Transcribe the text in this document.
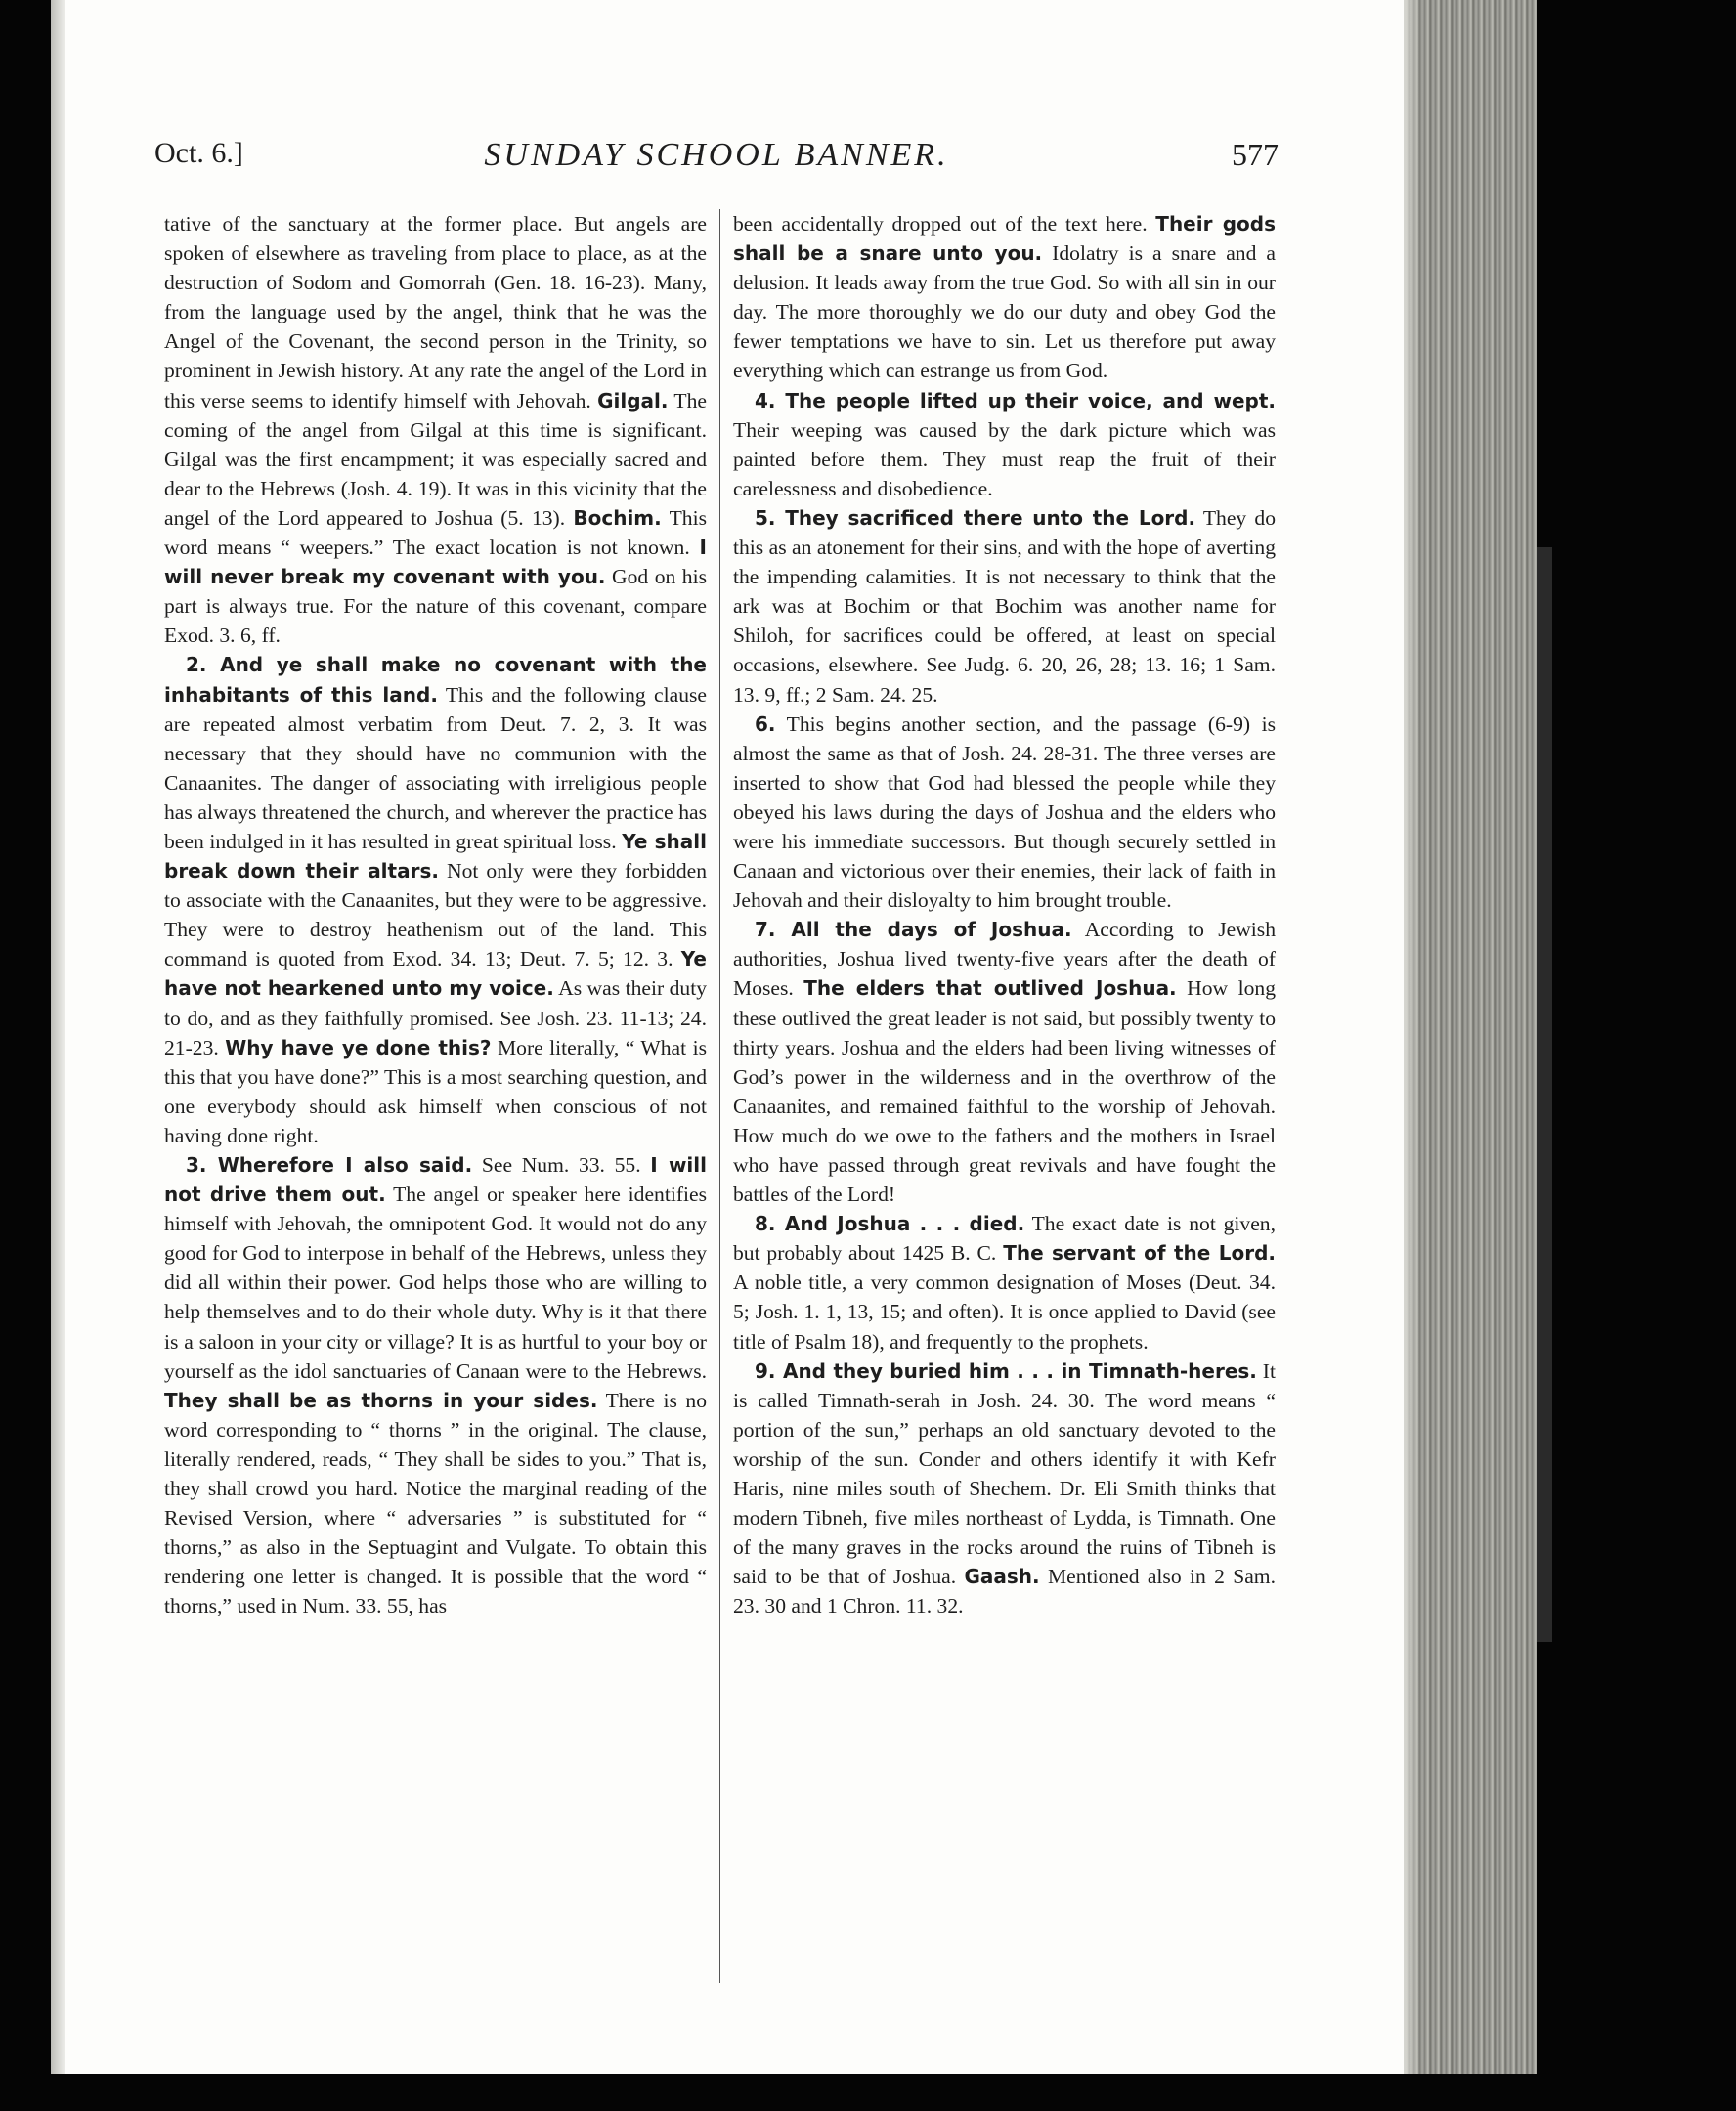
SUNDAY SCHOOL BANNER.
Oct. 6.]	577

tative of the sanctuary at the former place. But angels are spoken of elsewhere as traveling from place to place, as at the destruction of Sodom and Gomorrah (Gen. 18. 16-23). Many, from the language used by the angel, think that he was the Angel of the Covenant, the second person in the Trinity, so prominent in Jewish history. At any rate the angel of the Lord in this verse seems to identify himself with Jehovah. Gilgal. The coming of the angel from Gilgal at this time is significant. Gilgal was the first encampment; it was especially sacred and dear to the Hebrews (Josh. 4. 19). It was in this vicinity that the angel of the Lord appeared to Joshua (5. 13). Bochim. This word means “ weepers.” The exact location is not known. I will never break my covenant with you. God on his part is always true. For the nature of this covenant, compare Exod. 3. 6, ff.

2. And ye shall make no covenant with the inhabitants of this land. This and the following clause are repeated almost verbatim from Deut. 7. 2, 3. It was necessary that they should have no communion with the Canaanites. The danger of associating with irreligious people has always threatened the church, and wherever the practice has been indulged in it has resulted in great spiritual loss. Ye shall break down their altars. Not only were they forbidden to associate with the Canaanites, but they were to be aggressive. They were to destroy heathenism out of the land. This command is quoted from Exod. 34. 13; Deut. 7. 5; 12. 3. Ye have not hearkened unto my voice. As was their duty to do, and as they faithfully promised. See Josh. 23. 11-13; 24. 21-23. Why have ye done this? More literally, “ What is this that you have done?” This is a most searching question, and one everybody should ask himself when conscious of not having done right.

3. Wherefore I also said. See Num. 33. 55. I will not drive them out. The angel or speaker here identifies himself with Jehovah, the omnipotent God. It would not do any good for God to interpose in behalf of the Hebrews, unless they did all within their power. God helps those who are willing to help themselves and to do their whole duty. Why is it that there is a saloon in your city or village? It is as hurtful to your boy or yourself as the idol sanctuaries of Canaan were to the Hebrews. They shall be as thorns in your sides. There is no word corresponding to “ thorns ” in the original. The clause, literally rendered, reads, “ They shall be sides to you.” That is, they shall crowd you hard. Notice the marginal reading of the Revised Version, where “ adversaries ” is substituted for “ thorns,” as also in the Septuagint and Vulgate. To obtain this rendering one letter is changed. It is possible that the word “ thorns,” used in Num. 33. 55, has

been accidentally dropped out of the text here. Their gods shall be a snare unto you. Idolatry is a snare and a delusion. It leads away from the true God. So with all sin in our day. The more thoroughly we do our duty and obey God the fewer temptations we have to sin. Let us therefore put away everything which can estrange us from God.

4. The people lifted up their voice, and wept. Their weeping was caused by the dark picture which was painted before them. They must reap the fruit of their carelessness and disobedience.

5. They sacrificed there unto the Lord. They do this as an atonement for their sins, and with the hope of averting the impending calamities. It is not necessary to think that the ark was at Bochim or that Bochim was another name for Shiloh, for sacrifices could be offered, at least on special occasions, elsewhere. See Judg. 6. 20, 26, 28; 13. 16; 1 Sam. 13. 9, ff.; 2 Sam. 24. 25.

6. This begins another section, and the passage (6-9) is almost the same as that of Josh. 24. 28-31. The three verses are inserted to show that God had blessed the people while they obeyed his laws during the days of Joshua and the elders who were his immediate successors. But though securely settled in Canaan and victorious over their enemies, their lack of faith in Jehovah and their disloyalty to him brought trouble.

7. All the days of Joshua. According to Jewish authorities, Joshua lived twenty-five years after the death of Moses. The elders that outlived Joshua. How long these outlived the great leader is not said, but possibly twenty to thirty years. Joshua and the elders had been living witnesses of God’s power in the wilderness and in the overthrow of the Canaanites, and remained faithful to the worship of Jehovah. How much do we owe to the fathers and the mothers in Israel who have passed through great revivals and have fought the battles of the Lord!

8. And Joshua . . . died. The exact date is not given, but probably about 1425 B. C. The servant of the Lord. A noble title, a very common designation of Moses (Deut. 34. 5; Josh. 1. 1, 13, 15; and often). It is once applied to David (see title of Psalm 18), and frequently to the prophets.

9. And they buried him . . . in Timnath-heres. It is called Timnath-serah in Josh. 24. 30. The word means “ portion of the sun,” perhaps an old sanctuary devoted to the worship of the sun. Conder and others identify it with Kefr Haris, nine miles south of Shechem. Dr. Eli Smith thinks that modern Tibneh, five miles northeast of Lydda, is Timnath. One of the many graves in the rocks around the ruins of Tibneh is said to be that of Joshua. Gaash. Mentioned also in 2 Sam. 23. 30 and 1 Chron. 11. 32.
